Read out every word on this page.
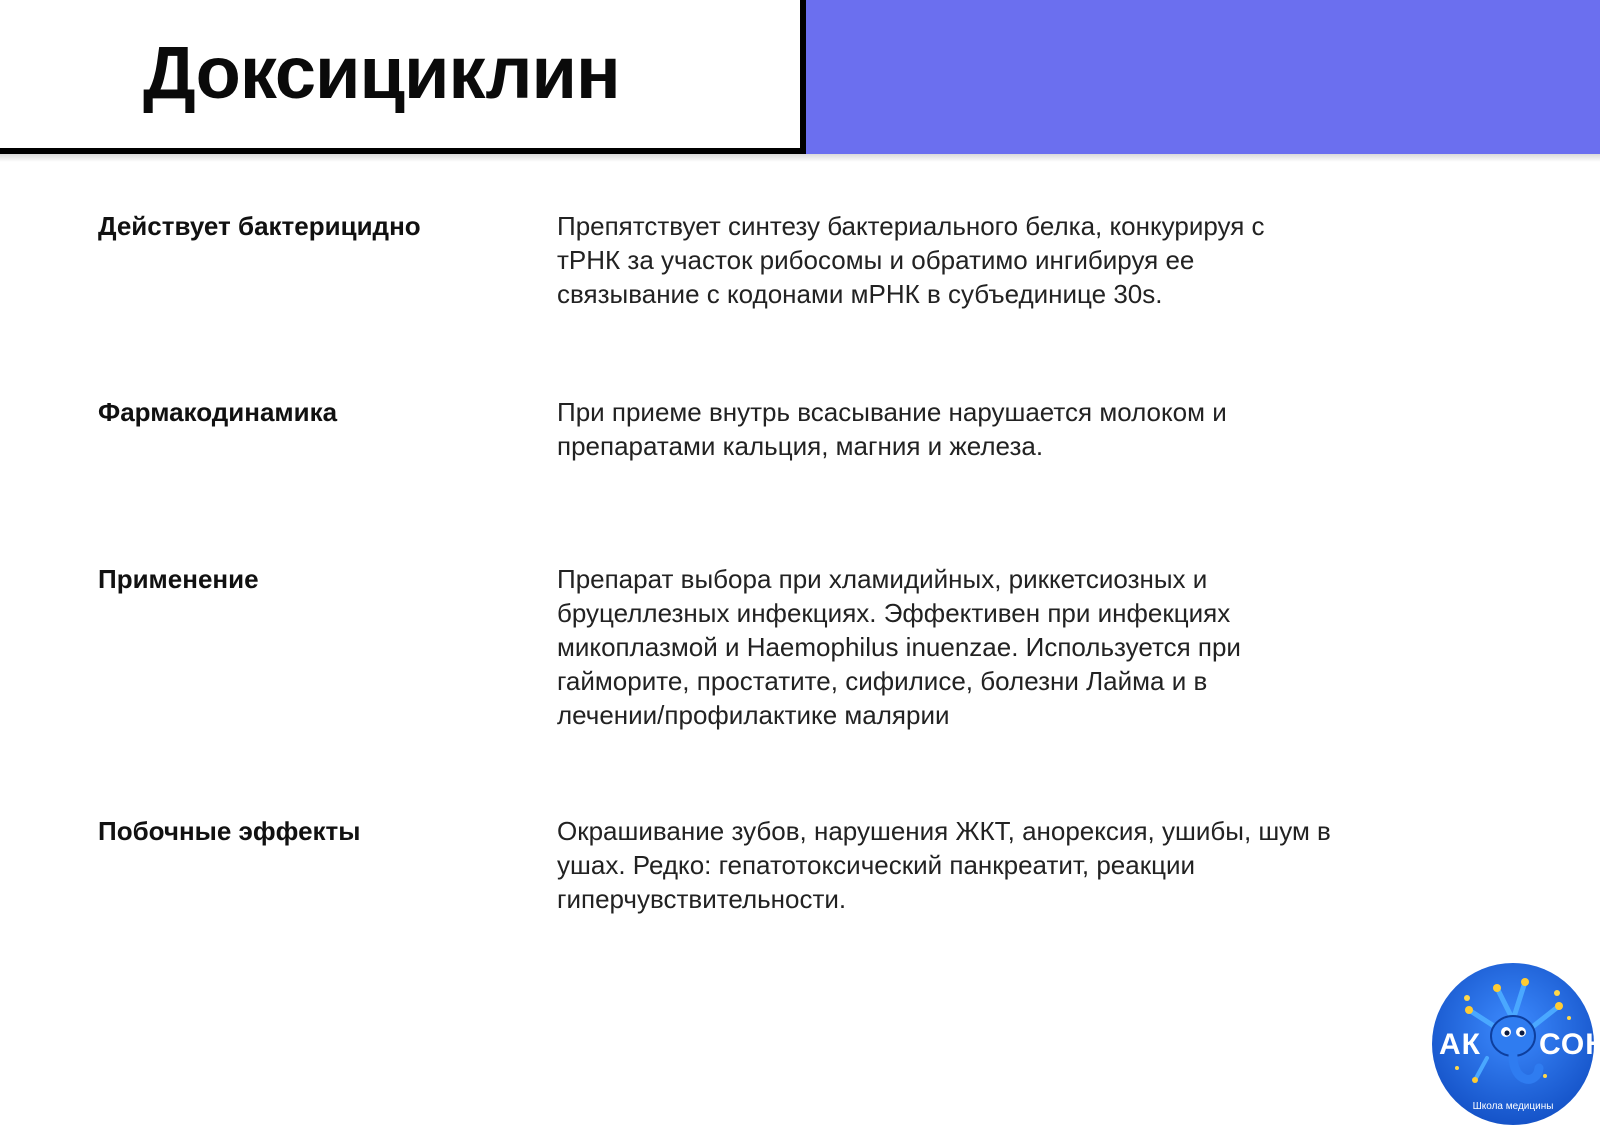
Доксициклин
Действует бактерицидно	Препятствует синтезу бактериального белка, конкурируя с
тРНК за участок рибосомы и обратимо ингибируя ее
связывание с кодонами мРНК в субъединице 30s.
Фармакодинамика	При приеме внутрь всасывание нарушается молоком и
препаратами кальция, магния и железа.
Применение	Препарат выбора при хламидийных, риккетсиозных и
бруцеллезных инфекциях. Эффективен при инфекциях
микоплазмой и Haemophilus inuenzae. Используется при
гайморите, простатите, сифилисе, болезни Лайма и в
лечении/профилактике малярии
Побочные эффекты	Окрашивание зубов, нарушения ЖКТ, анорексия, ушибы, шум в
ушах. Редко: гепатотоксический панкреатит, реакции
гиперчувствительности.
АК СОН
Школа медицины
